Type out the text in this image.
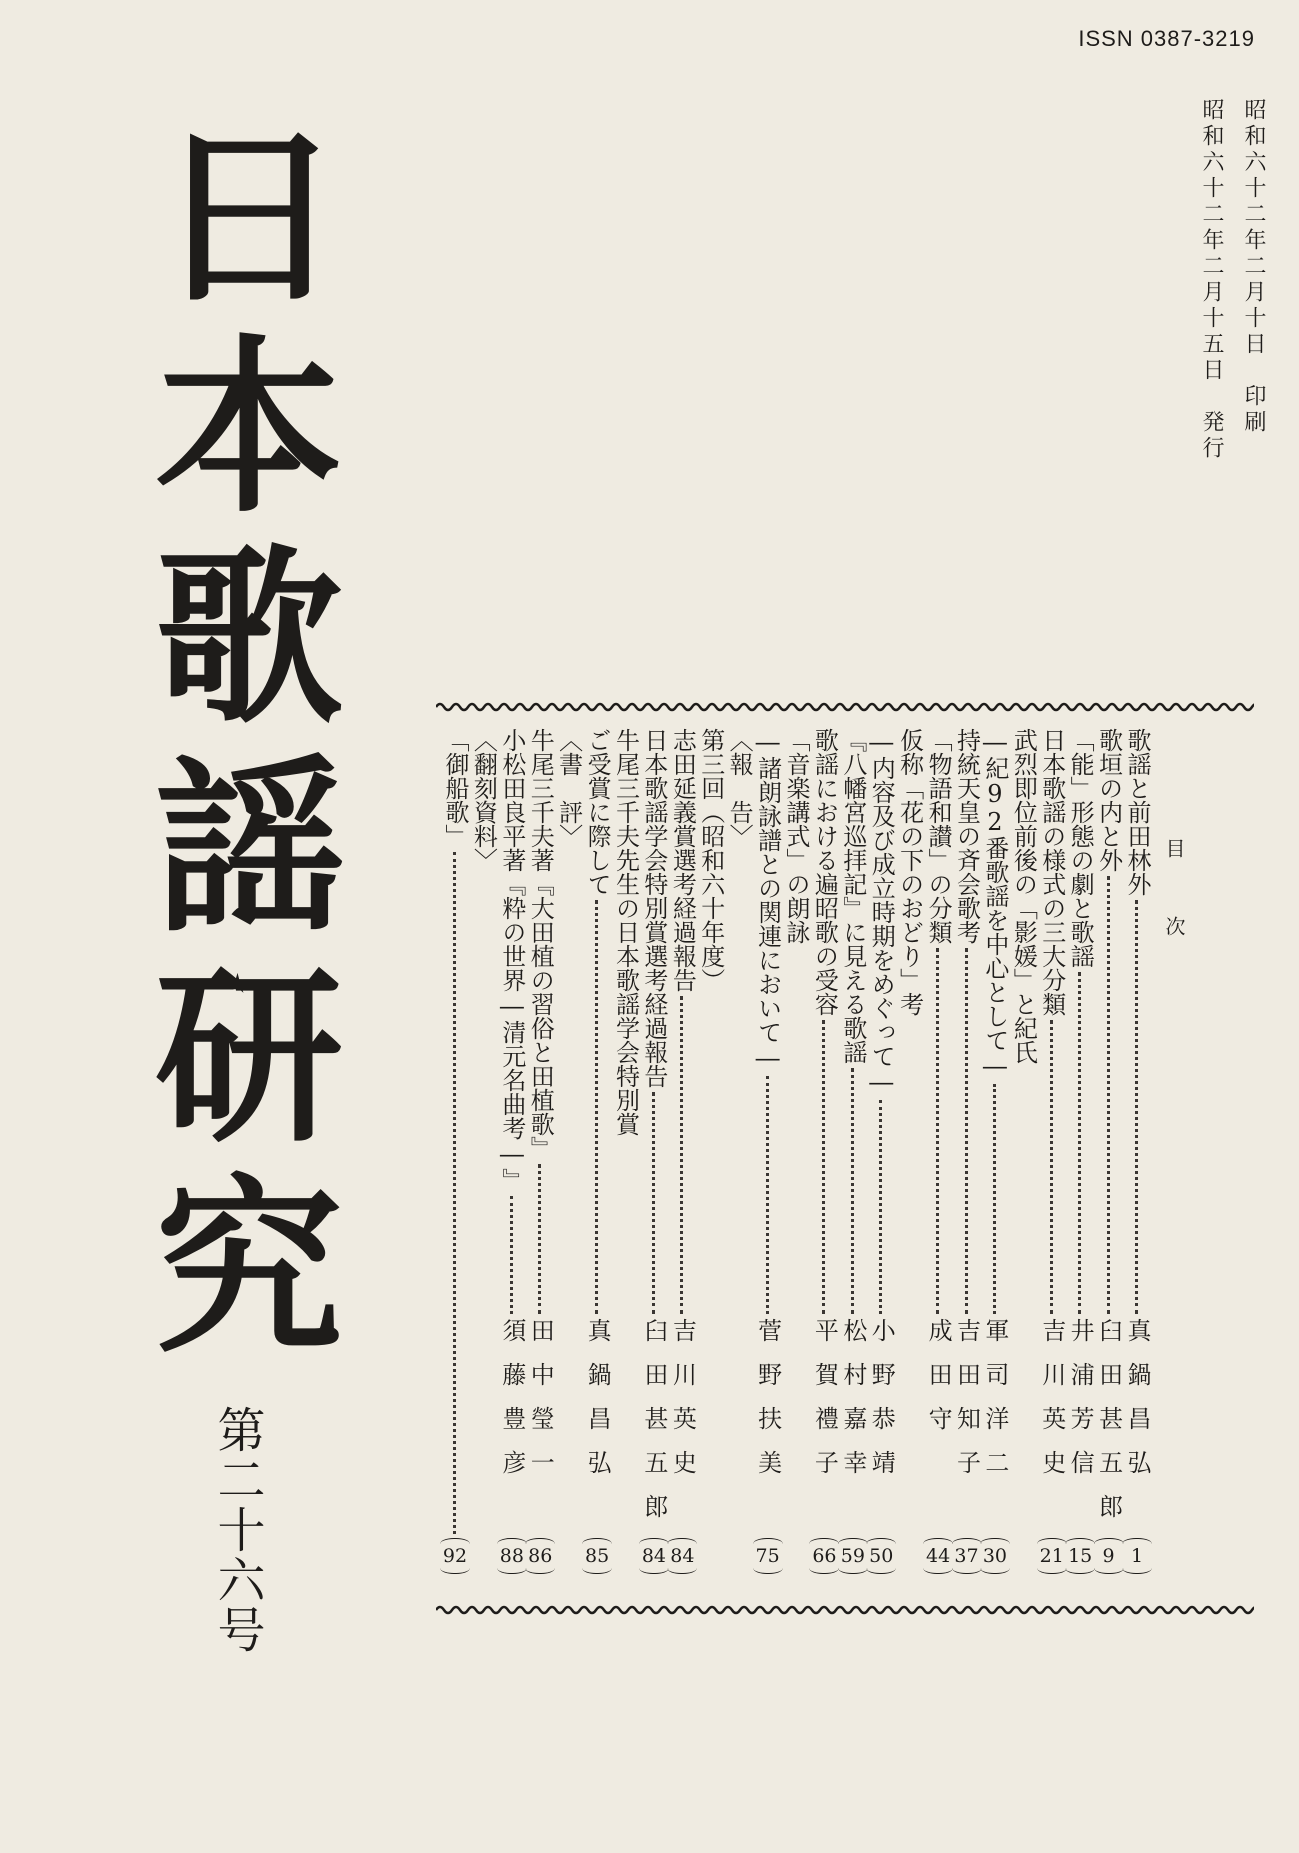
ISSN 0387-3219
昭和六十二年二月十日　印刷
昭和六十二年二月十五日　発行
日本歌謡研究
第二十六号
目次
歌謡と前田林外
真鍋昌弘
1
歌垣の内と外
臼田甚五郎
9
「能」形態の劇と歌謡
井浦芳信
15
日本歌謡の様式の三大分類
吉川英史
21
武烈即位前後の「影媛」と紀氏
―紀92番歌謡を中心として―
軍司洋二
30
持統天皇の斉会歌考
吉田知子
37
「物語和讃」の分類
成田守
44
仮称「花の下のおどり」考
―内容及び成立時期をめぐって―
小野恭靖
50
『八幡宮巡拝記』に見える歌謡
松村嘉幸
59
歌謡における遍昭歌の受容
平賀禮子
66
「音楽講式」の朗詠
―諸朗詠譜との関連において―
菅野扶美
75
〈報　告〉
第三回（昭和六十年度）
志田延義賞選考経過報告
吉川英史
84
日本歌謡学会特別賞選考経過報告
臼田甚五郎
84
牛尾三千夫先生の日本歌謡学会特別賞
ご受賞に際して
真鍋昌弘
85
〈書　評〉
牛尾三千夫著『大田植の習俗と田植歌』
田中瑩一
86
小松田良平著『粋の世界―清元名曲考―』
須藤豊彦
88
〈翻刻資料〉
「御船歌」
92
